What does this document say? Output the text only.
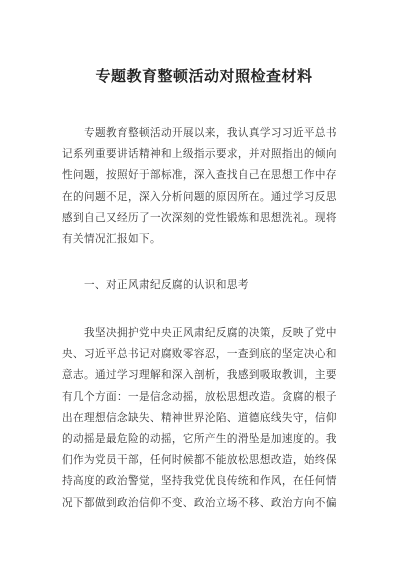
专题教育整顿活动对照检查材料
专题教育整顿活动开展以来，我认真学习习近平总书
记系列重要讲话精神和上级指示要求，并对照指出的倾向
性问题，按照好于部标准，深入查找自己在思想工作中存
在的问题不足，深入分析问题的原因所在。通过学习反思
感到自己又经历了一次深刻的党性锻炼和思想洗礼。现将
有关情况汇报如下。
一、对正风肃纪反腐的认识和思考
我坚决拥护党中央正风肃纪反腐的决策，反映了党中
央、习近平总书记对腐败零容忍，一查到底的坚定决心和
意志。通过学习理解和深入剖析，我感到吸取教训，主要
有几个方面：一是信念动摇，放松思想改造。贪腐的根子
出在理想信念缺失、精神世界沦陷、道德底线失守，信仰
的动摇是最危险的动摇，它所产生的滑坠是加速度的。我
们作为党员干部，任何时候都不能放松思想改造，始终保
持高度的政治警觉，坚持我党优良传统和作风，在任何情
况下都做到政治信仰不变、政治立场不移、政治方向不偏
